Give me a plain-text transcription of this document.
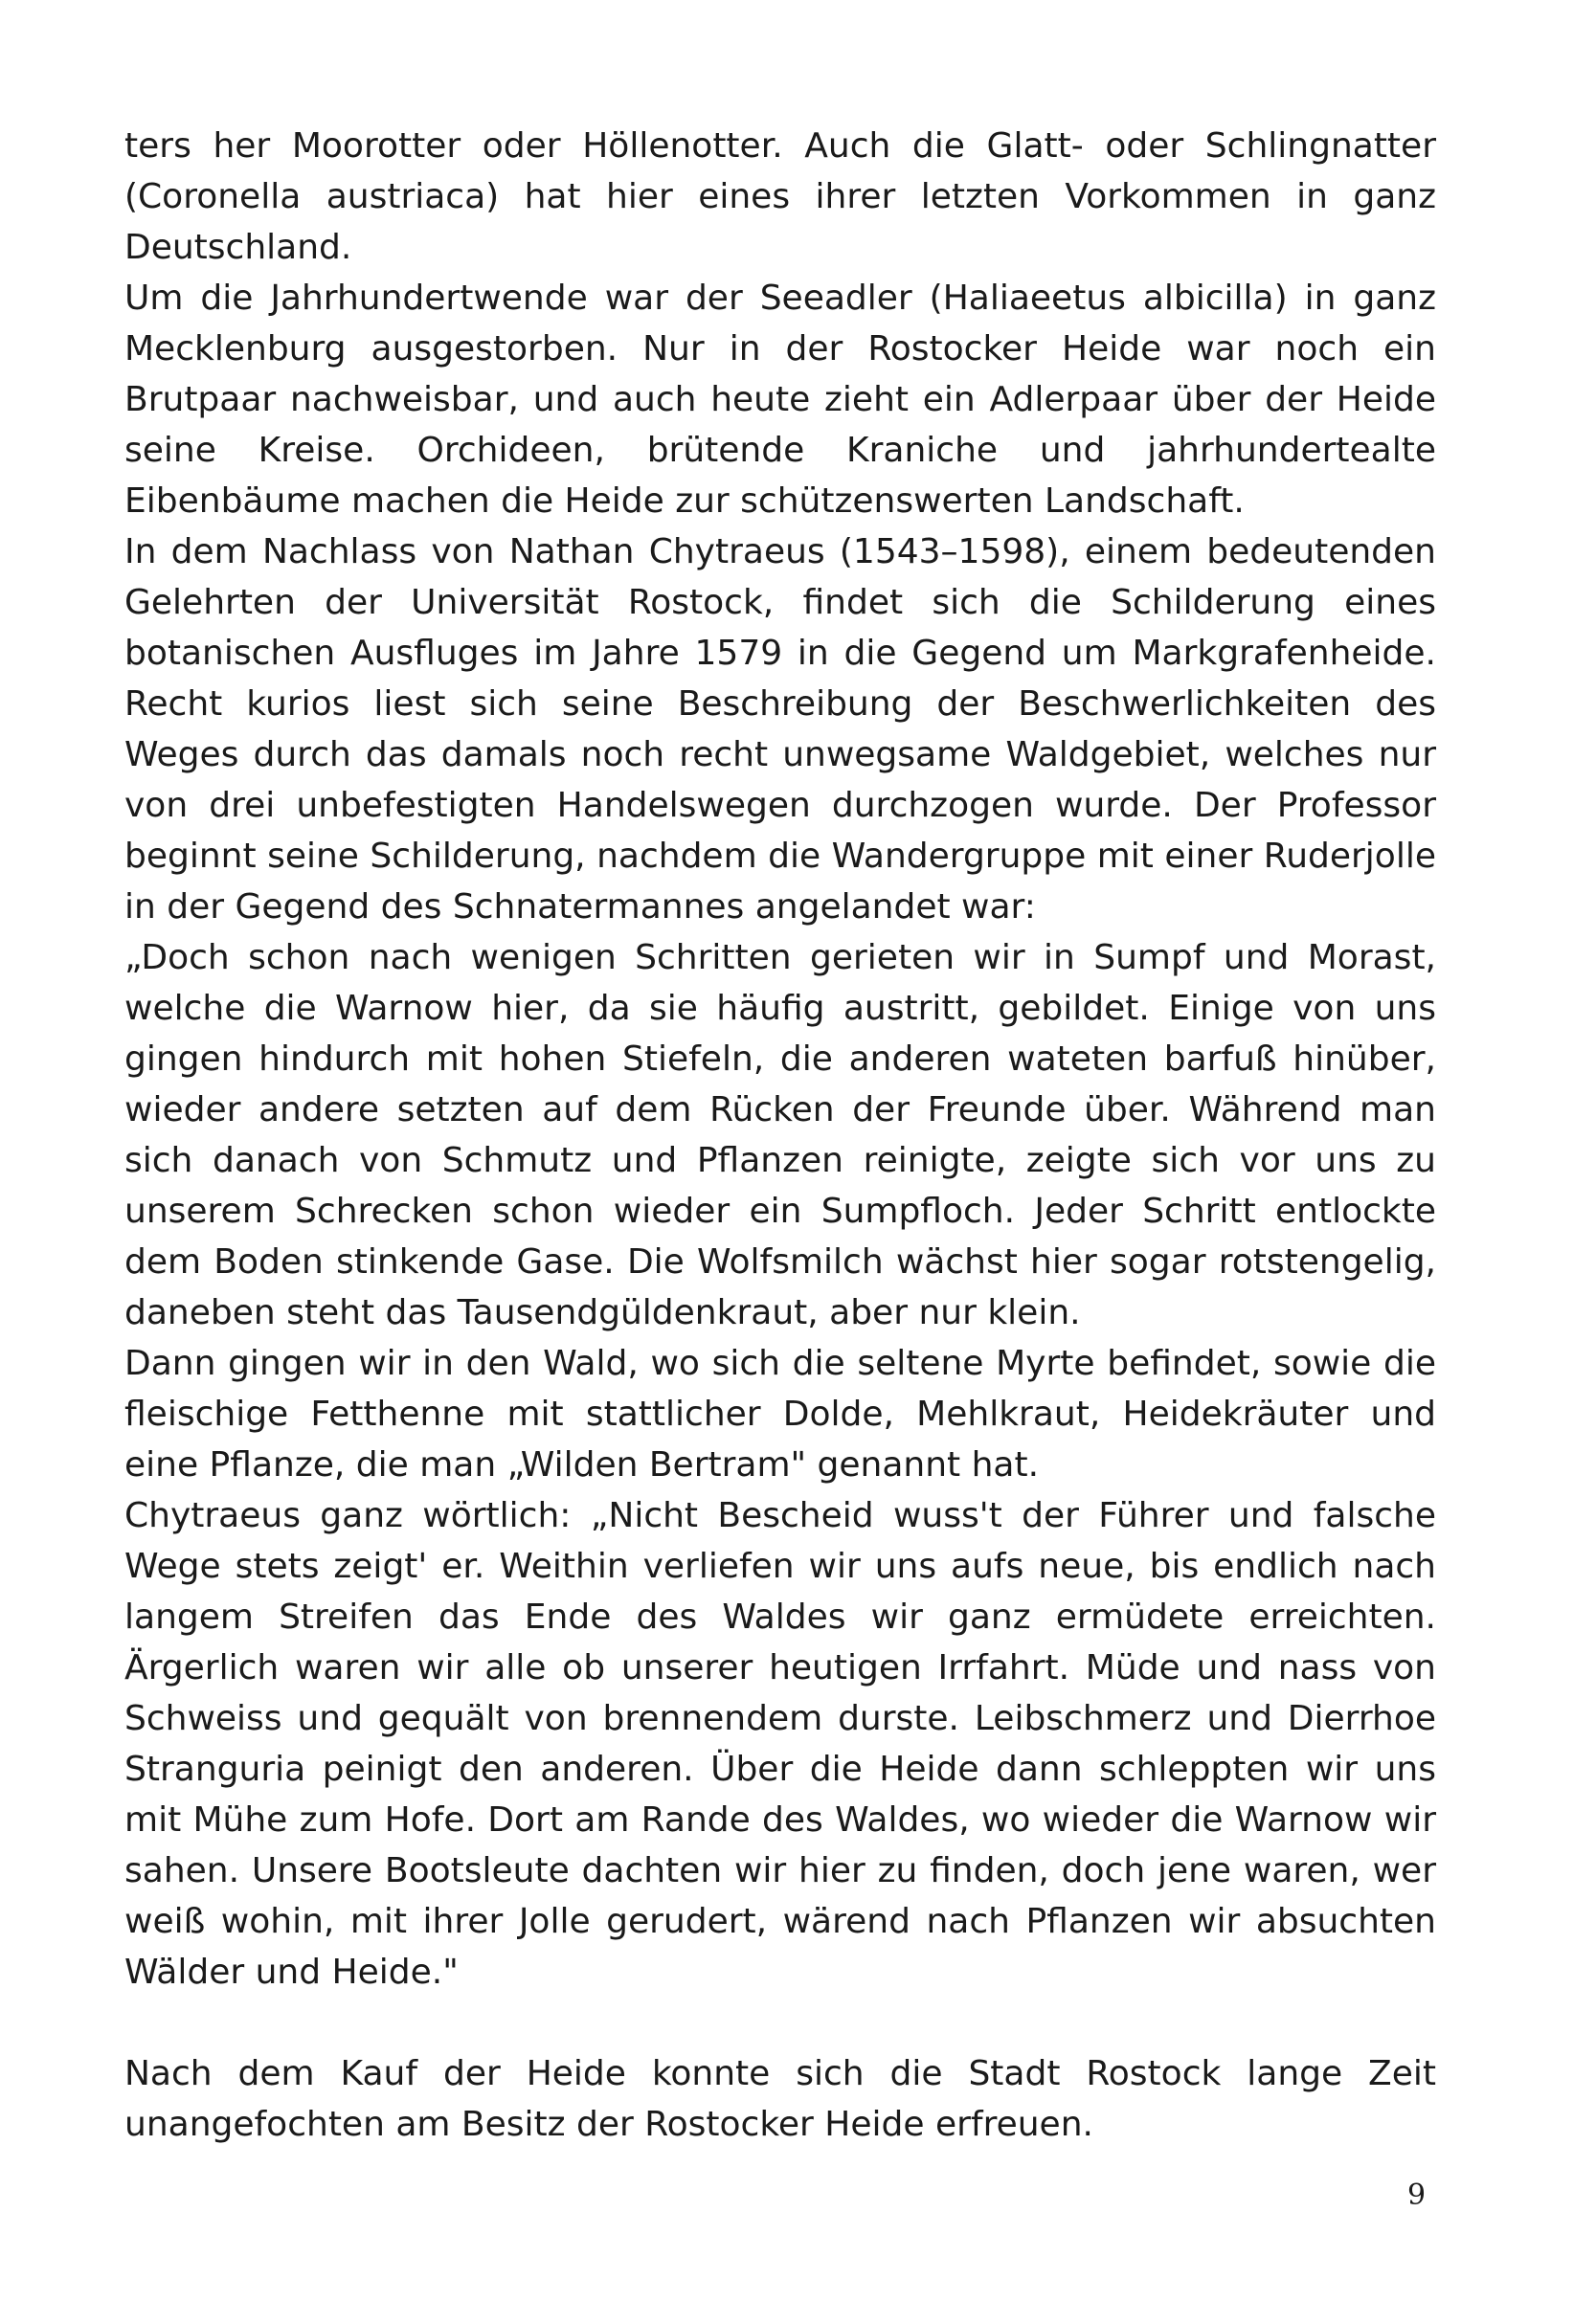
ters her Moorotter oder Höllenotter. Auch die Glatt- oder Schlingnatter (Coronella austriaca) hat hier eines ihrer letzten Vorkommen in ganz Deutschland.

Um die Jahrhundertwende war der Seeadler (Haliaeetus albicilla) in ganz Mecklenburg ausgestorben. Nur in der Rostocker Heide war noch ein Brutpaar nachweisbar, und auch heute zieht ein Adlerpaar über der Heide seine Kreise. Orchideen, brütende Kraniche und jahrhundertealte Eibenbäume machen die Heide zur schützenswerten Landschaft.

In dem Nachlass von Nathan Chytraeus (1543–1598), einem bedeutenden Gelehrten der Universität Rostock, findet sich die Schilderung eines botanischen Ausfluges im Jahre 1579 in die Gegend um Markgrafenheide. Recht kurios liest sich seine Beschreibung der Beschwerlichkeiten des Weges durch das damals noch recht unwegsame Waldgebiet, welches nur von drei unbefestigten Handelswegen durchzogen wurde. Der Professor beginnt seine Schilderung, nachdem die Wandergruppe mit einer Ruderjolle in der Gegend des Schnatermannes angelandet war:

„Doch schon nach wenigen Schritten gerieten wir in Sumpf und Morast, welche die Warnow hier, da sie häufig austritt, gebildet. Einige von uns gingen hindurch mit hohen Stiefeln, die anderen wateten barfuß hinüber, wieder andere setzten auf dem Rücken der Freunde über. Während man sich danach von Schmutz und Pflanzen reinigte, zeigte sich vor uns zu unserem Schrecken schon wieder ein Sumpfloch. Jeder Schritt entlockte dem Boden stinkende Gase. Die Wolfsmilch wächst hier sogar rotstengelig, daneben steht das Tausendgüldenkraut, aber nur klein.

Dann gingen wir in den Wald, wo sich die seltene Myrte befindet, sowie die fleischige Fetthenne mit stattlicher Dolde, Mehlkraut, Heidekräuter und eine Pflanze, die man „Wilden Bertram" genannt hat.

Chytraeus ganz wörtlich: „Nicht Bescheid wuss't der Führer und falsche Wege stets zeigt' er. Weithin verliefen wir uns aufs neue, bis endlich nach langem Streifen das Ende des Waldes wir ganz ermüdete erreichten. Ärgerlich waren wir alle ob unserer heutigen Irrfahrt. Müde und nass von Schweiss und gequält von brennendem durste. Leibschmerz und Dierrhoe Stranguria peinigt den anderen. Über die Heide dann schleppten wir uns mit Mühe zum Hofe. Dort am Rande des Waldes, wo wieder die Warnow wir sahen. Unsere Bootsleute dachten wir hier zu finden, doch jene waren, wer weiß wohin, mit ihrer Jolle gerudert, wärend nach Pflanzen wir absuchten Wälder und Heide."

Nach dem Kauf der Heide konnte sich die Stadt Rostock lange Zeit unangefochten am Besitz der Rostocker Heide erfreuen.

9
